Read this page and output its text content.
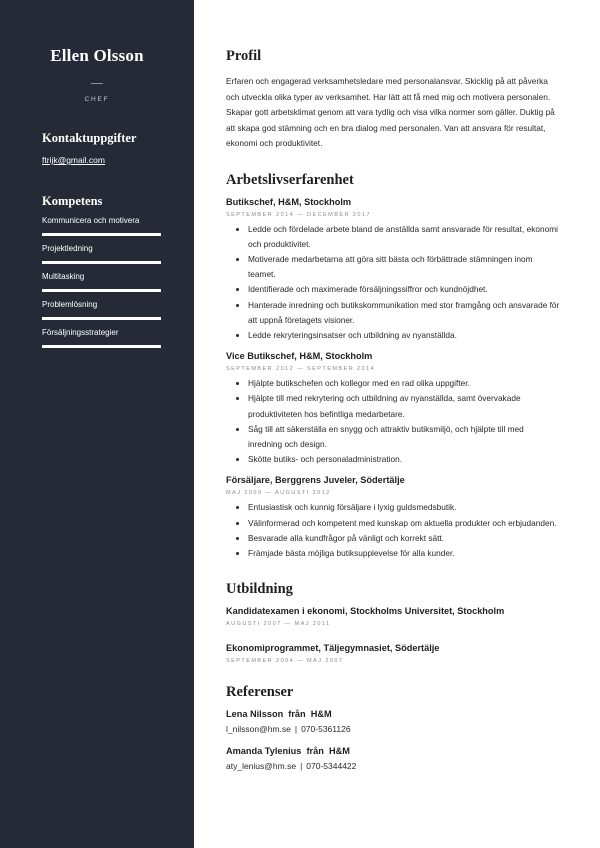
Ellen Olsson
CHEF
Kontaktuppgifter
ftrijk@gmail.com
Kompetens
Kommunicera och motivera
Projektledning
Multitasking
Problemlösning
Försäljningsstrategier
Profil

Erfaren och engagerad verksamhetsledare med personalansvar. Skicklig på att påverka och utveckla olika typer av verksamhet. Har lätt att få med mig och motivera personalen. Skapar gott arbetsklimat genom att vara tydlig och visa vilka normer som gäller. Duktig på att skapa god stämning och en bra dialog med personalen. Van att ansvara för resultat, ekonomi och produktivitet.

Arbetslivserfarenhet
Butikschef, H&M, Stockholm
SEPTEMBER 2014 — DECEMBER 2017
• Ledde och fördelade arbete bland de anställda samt ansvarade för resultat, ekonomi och produktivitet.
• Motiverade medarbetarna att göra sitt bästa och förbättrade stämningen inom teamet.
• Identifierade och maximerade försäljningssiffror och kundnöjdhet.
• Hanterade inredning och butikskommunikation med stor framgång och ansvarade för att uppnå företagets visioner.
• Ledde rekryteringsinsatser och utbildning av nyanställda.
Vice Butikschef, H&M, Stockholm
SEPTEMBER 2012 — SEPTEMBER 2014
• Hjälpte butikschefen och kollegor med en rad olika uppgifter.
• Hjälpte till med rekrytering och utbildning av nyanställda, samt övervakade produktiviteten hos befintliga medarbetare.
• Såg till att säkerställa en snygg och attraktiv butiksmiljö, och hjälpte till med inredning och design.
• Skötte butiks- och personaladministration.
Försäljare, Berggrens Juveler, Södertälje
MAJ 2009 — AUGUSTI 2012
• Entusiastisk och kunnig försäljare i lyxig guldsmedsbutik.
• Välinformerad och kompetent med kunskap om aktuella produkter och erbjudanden.
• Besvarade alla kundfrågor på vänligt och korrekt sätt.
• Främjade bästa möjliga butiksupplevelse för alla kunder.
Utbildning
Kandidatexamen i ekonomi, Stockholms Universitet, Stockholm
AUGUSTI 2007 — MAJ 2011
Ekonomiprogrammet, Täljegymnasiet, Södertälje
SEPTEMBER 2004 — MAJ 2007
Referenser
Lena Nilsson  från  H&M
l_nilsson@hm.se | 070-5361126
Amanda Tylenius  från  H&M
aty_lenius@hm.se | 070-5344422
